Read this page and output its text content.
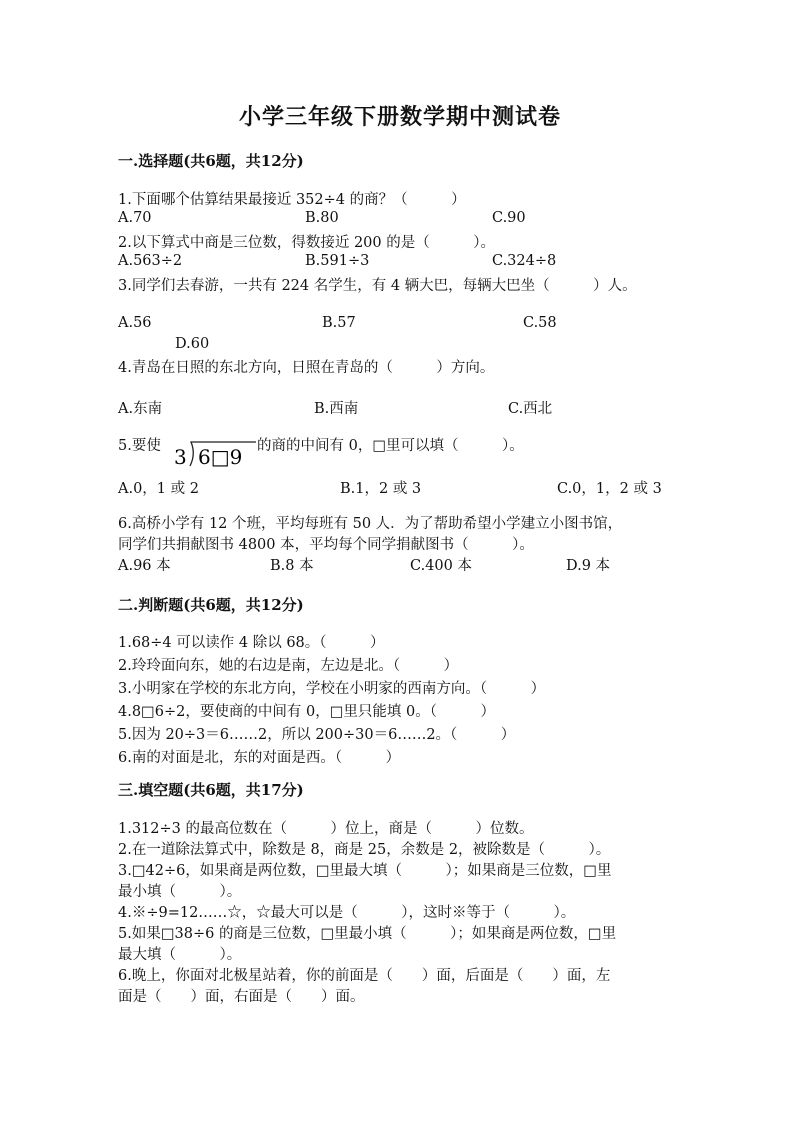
小学三年级下册数学期中测试卷
一.选择题(共6题，共12分)
1.下面哪个估算结果最接近 352÷4 的商？（　　　）
A.70	B.80	C.90
2.以下算式中商是三位数，得数接近 200 的是（　　　）。
A.563÷2	B.591÷3	C.324÷8
3.同学们去春游，一共有 224 名学生，有 4 辆大巴，每辆大巴坐（　　　）人。
A.56	B.57	C.58
D.60
4.青岛在日照的东北方向，日照在青岛的（　　　）方向。
A.东南	B.西南	C.西北
5.要使 3 6□9 的商的中间有 0，□里可以填（　　　）。
A.0，1 或 2	B.1，2 或 3	C.0，1，2 或 3
6.高桥小学有 12 个班，平均每班有 50 人．为了帮助希望小学建立小图书馆，
同学们共捐献图书 4800 本，平均每个同学捐献图书（　　　）。
A.96 本	B.8 本	C.400 本	D.9 本
二.判断题(共6题，共12分)
1.68÷4 可以读作 4 除以 68。（　　　）
2.玲玲面向东，她的右边是南，左边是北。（　　　）
3.小明家在学校的东北方向，学校在小明家的西南方向。（　　　）
4.8□6÷2，要使商的中间有 0，□里只能填 0。（　　　）
5.因为 20÷3＝6……2，所以 200÷30＝6……2。（　　　）
6.南的对面是北，东的对面是西。（　　　）
三.填空题(共6题，共17分)
1.312÷3 的最高位数在（　　　）位上，商是（　　　）位数。
2.在一道除法算式中，除数是 8，商是 25，余数是 2，被除数是（　　　）。
3.□42÷6，如果商是两位数，□里最大填（　　　）；如果商是三位数，□里
最小填（　　　）。
4.※÷9=12……☆，☆最大可以是（　　　），这时※等于（　　　）。
5.如果□38÷6 的商是三位数，□里最小填（　　　）；如果商是两位数，□里
最大填（　　　）。
6.晚上，你面对北极星站着，你的前面是（　　）面，后面是（　　）面，左
面是（　　）面，右面是（　　）面。
